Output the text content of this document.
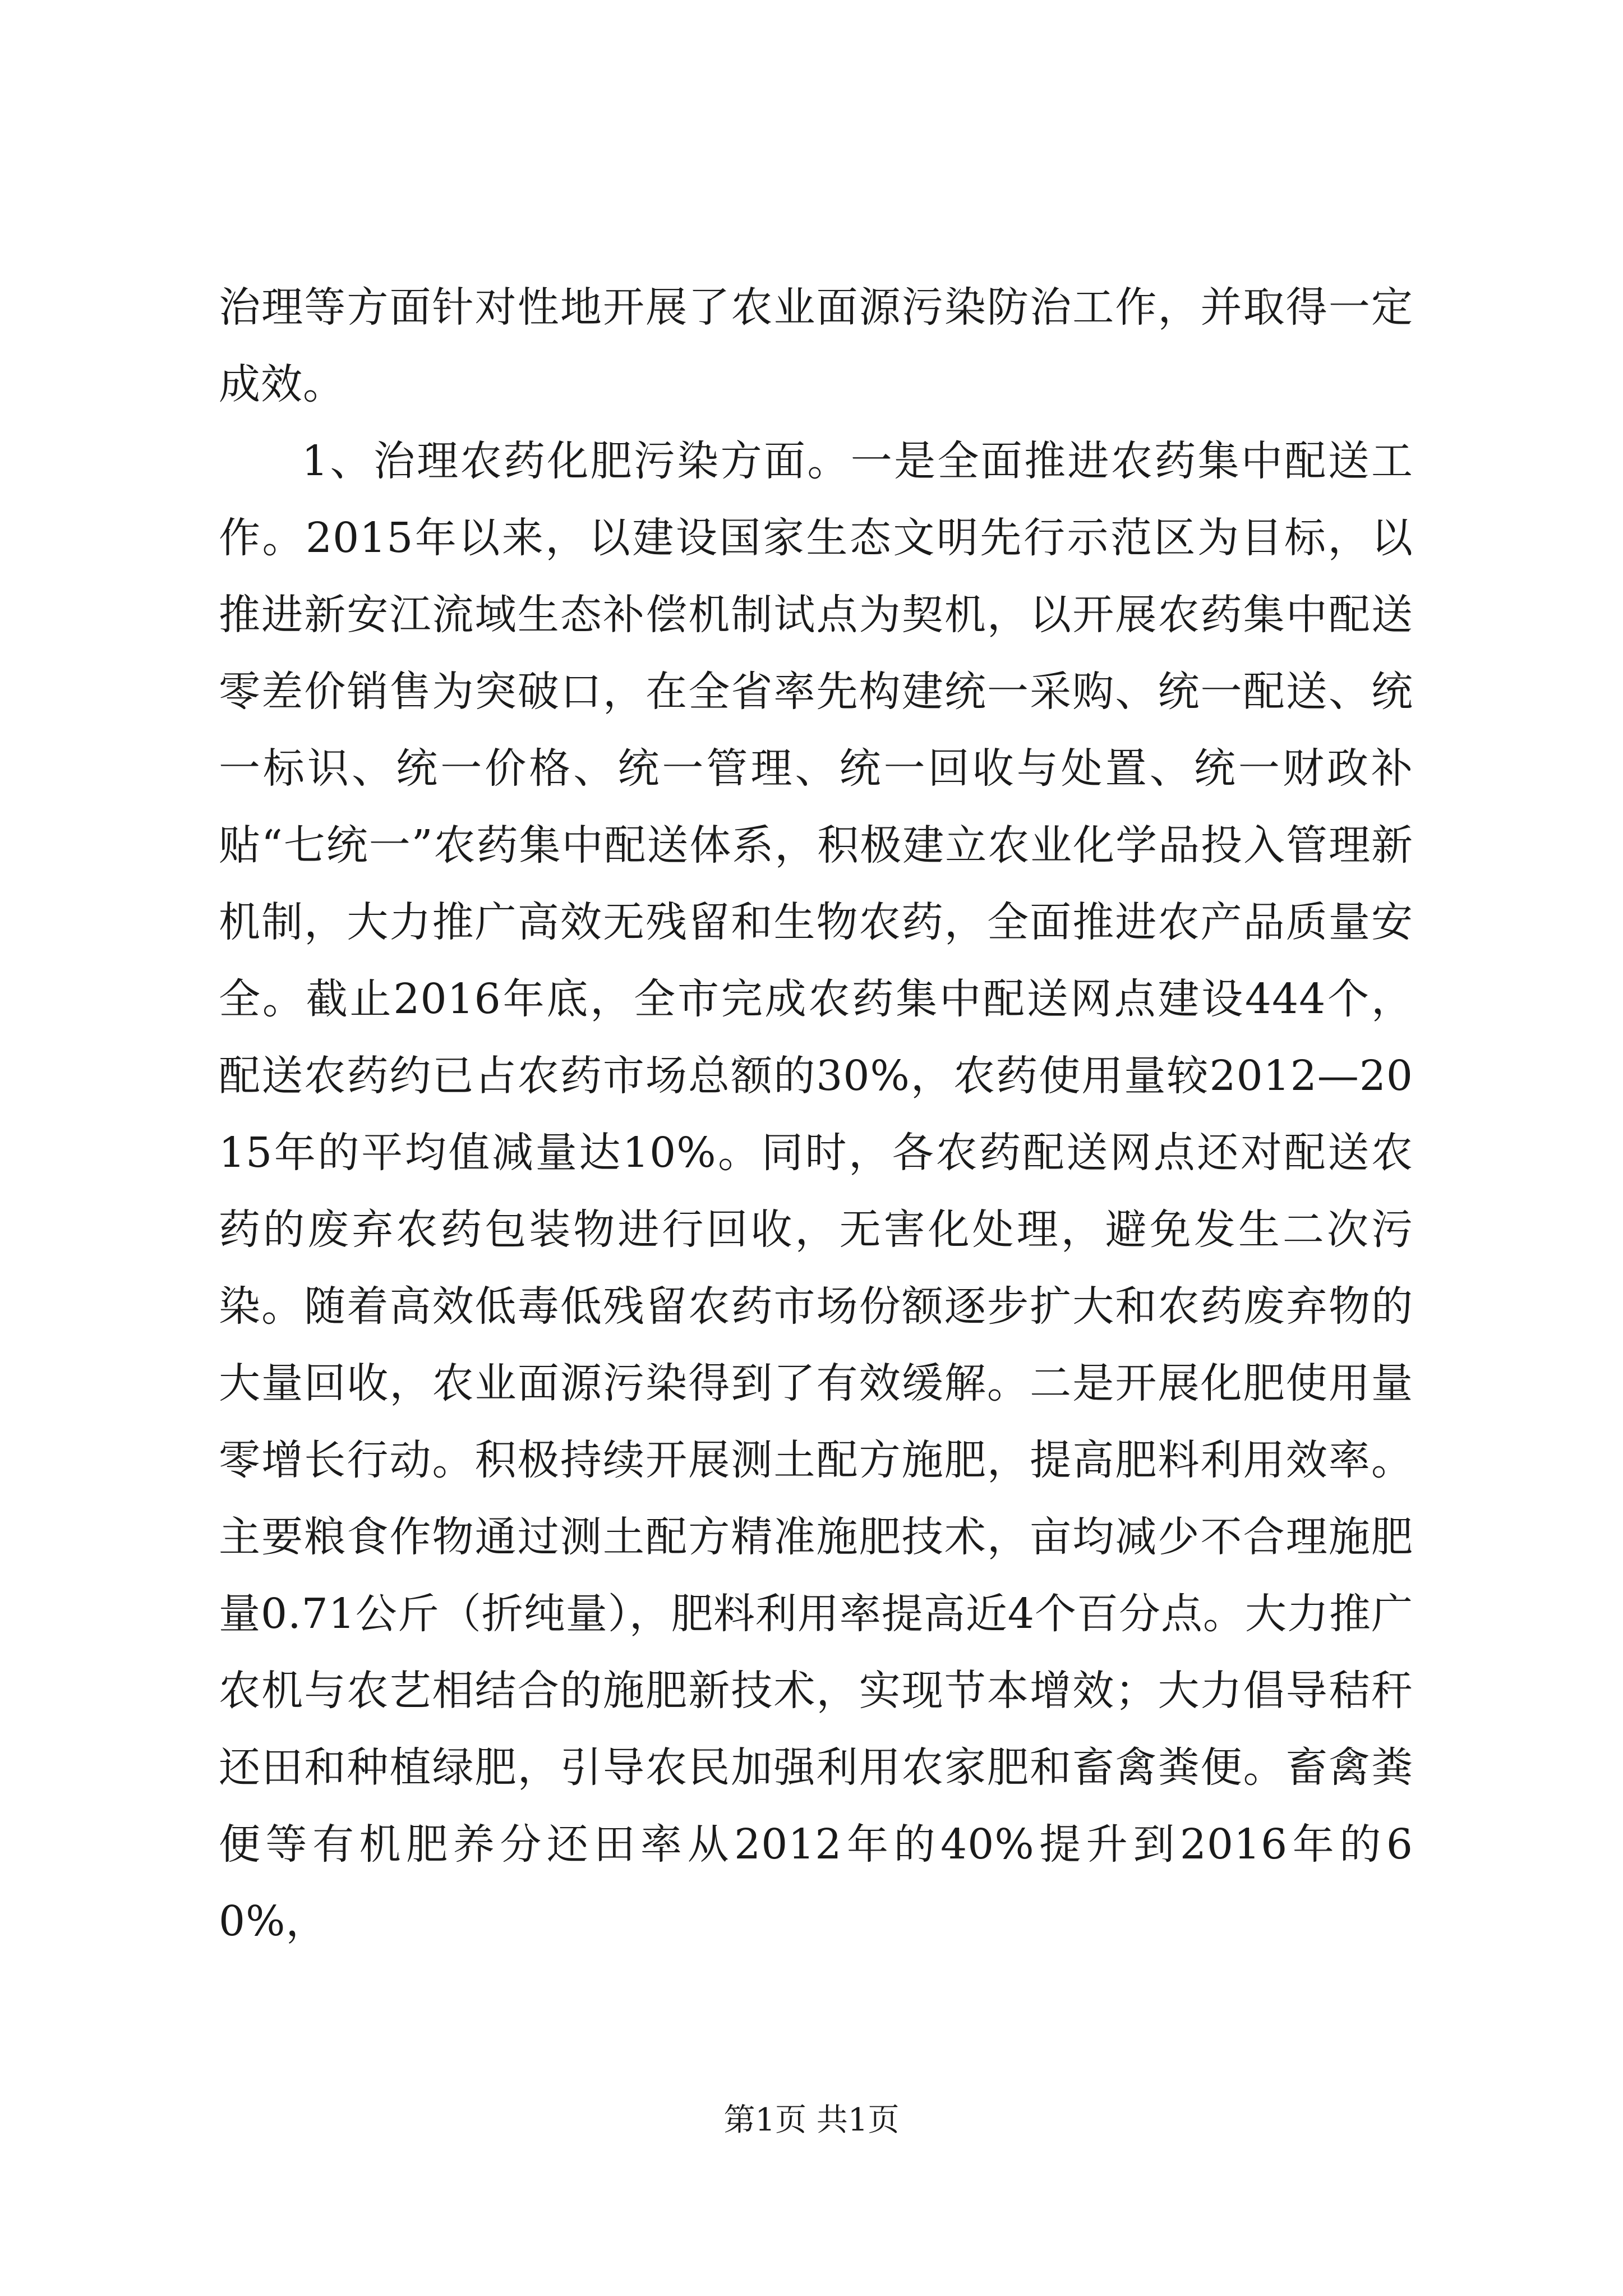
治理等方面针对性地开展了农业面源污染防治工作，并取得一定成效。

1、治理农药化肥污染方面。一是全面推进农药集中配送工作。2015年以来，以建设国家生态文明先行示范区为目标，以推进新安江流域生态补偿机制试点为契机，以开展农药集中配送零差价销售为突破口，在全省率先构建统一采购、统一配送、统一标识、统一价格、统一管理、统一回收与处置、统一财政补贴“七统一”农药集中配送体系，积极建立农业化学品投入管理新机制，大力推广高效无残留和生物农药，全面推进农产品质量安全。截止2016年底，全市完成农药集中配送网点建设444个，配送农药约已占农药市场总额的30%，农药使用量较2012—2015年的平均值减量达10%。同时，各农药配送网点还对配送农药的废弃农药包装物进行回收，无害化处理，避免发生二次污染。随着高效低毒低残留农药市场份额逐步扩大和农药废弃物的大量回收，农业面源污染得到了有效缓解。二是开展化肥使用量零增长行动。积极持续开展测土配方施肥，提高肥料利用效率。主要粮食作物通过测土配方精准施肥技术，亩均减少不合理施肥量0.71公斤（折纯量），肥料利用率提高近4个百分点。大力推广农机与农艺相结合的施肥新技术，实现节本增效；大力倡导秸秆还田和种植绿肥，引导农民加强利用农家肥和畜禽粪便。畜禽粪便等有机肥养分还田率从2012年的40%提升到2016年的60%，

第1页 共1页
